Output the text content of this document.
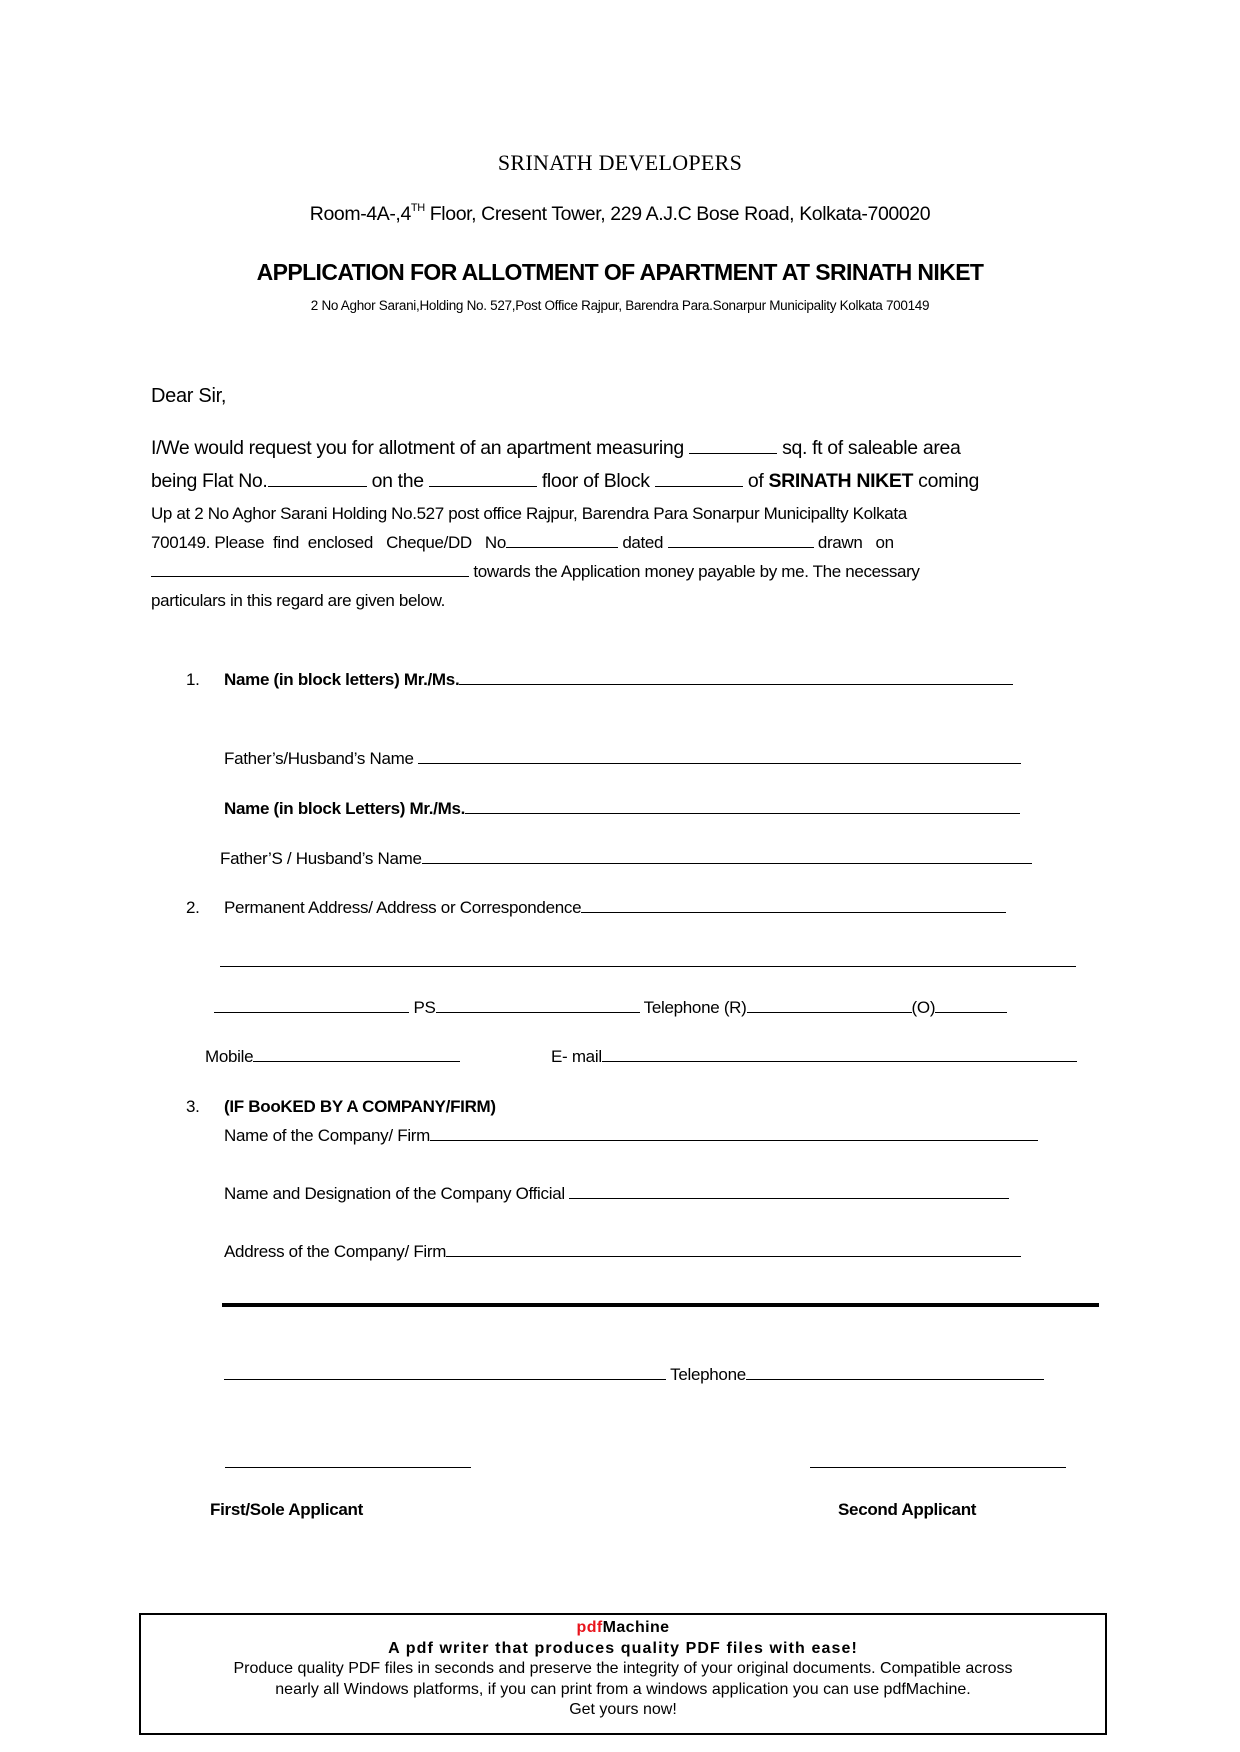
SRINATH DEVELOPERS
Room-4A-,4TH Floor, Cresent Tower, 229 A.J.C Bose Road, Kolkata-700020
APPLICATION FOR ALLOTMENT OF APARTMENT AT SRINATH NIKET
2 No Aghor Sarani,Holding No. 527,Post Office Rajpur, Barendra Para.Sonarpur Municipality Kolkata 700149
Dear Sir,
I/We would request you for allotment of an apartment measuring	sq. ft of saleable area
being Flat No.	on the	floor of Block	of SRINATH NIKET coming
Up at 2 No Aghor Sarani Holding No.527 post office Rajpur, Barendra Para Sonarpur Municipallty Kolkata
700149. Please  find  enclosed   Cheque/DD   No	dated	drawn   on
towards the Application money payable by me. The necessary
particulars in this regard are given below.
1. Name (in block letters) Mr./Ms.
Father’s/Husband’s Name
Name (in block Letters) Mr./Ms.
Father’S / Husband’s Name
2. Permanent Address/ Address or Correspondence
PS	Telephone (R)	(O)
Mobile	E- mail
3. (IF BooKED BY A COMPANY/FIRM)
Name of the Company/ Firm
Name and Designation of the Company Official
Address of the Company/ Firm
Telephone
First/Sole Applicant	Second Applicant
pdfMachine
A pdf writer that produces quality PDF files with ease!
Produce quality PDF files in seconds and preserve the integrity of your original documents. Compatible across
nearly all Windows platforms, if you can print from a windows application you can use pdfMachine.
Get yours now!
